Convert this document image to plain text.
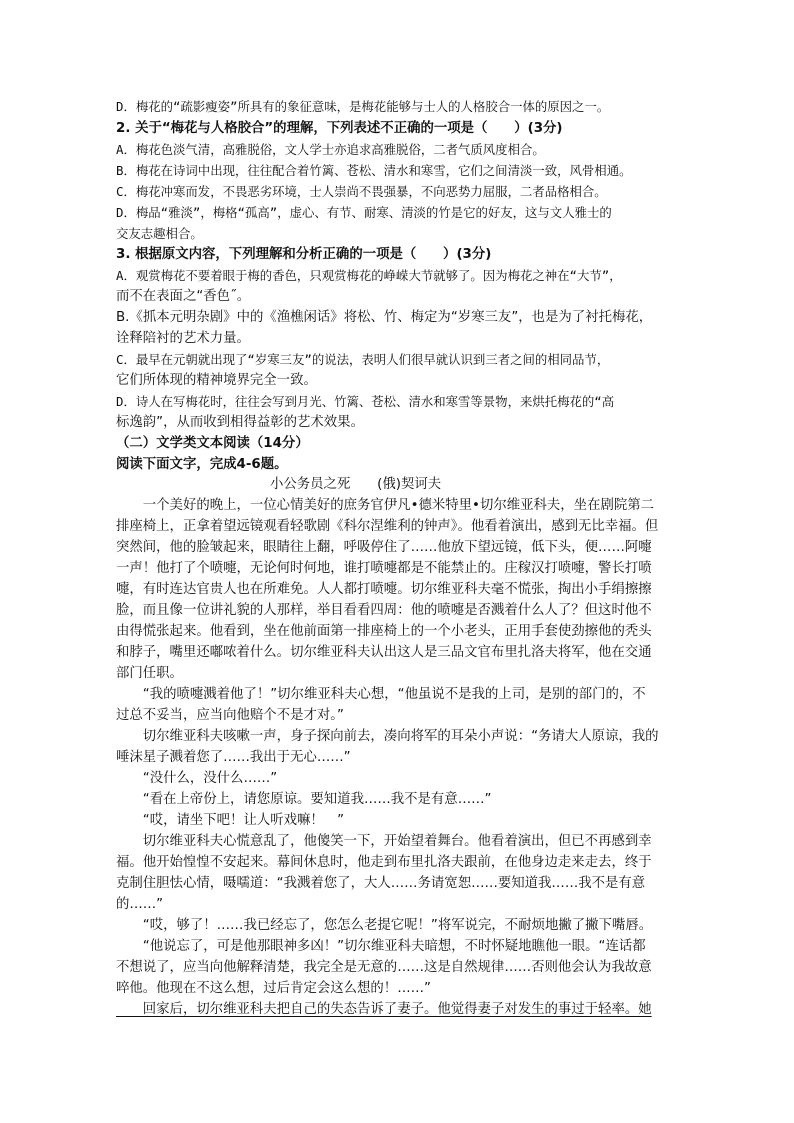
D．梅花的“疏影瘦姿”所具有的象征意味，是梅花能够与士人的人格胶合一体的原因之一。
2. 关于“梅花与人格胶合”的理解，下列表述不正确的一项是（　　）(3分)
A．梅花色淡气清，高雅脱俗，文人学士亦追求高雅脱俗，二者气质风度相合。
B．梅花在诗词中出现，往往配合着竹篱、苍松、清水和寒雪，它们之间清淡一致，风骨相通。
C．梅花冲寒而发，不畏恶劣环境，士人崇尚不畏强暴，不向恶势力屈服，二者品格相合。
D．梅品“雅淡”，梅格“孤高”，虚心、有节、耐寒、清淡的竹是它的好友，这与文人雅士的
交友志趣相合。
3. 根据原文内容，下列理解和分析正确的一项是（　　）(3分)
A．观赏梅花不要着眼于梅的香色，只观赏梅花的峥嵘大节就够了。因为梅花之神在“大节”，
而不在表面之“香色˝。
B.《抓本元明杂剧》中的《渔樵闲话》将松、竹、梅定为“岁寒三友”，也是为了衬托梅花，
诠释陪衬的艺术力量。
C．最早在元朝就出现了“岁寒三友”的说法，表明人们很早就认识到三者之间的相同品节，
它们所体现的精神境界完全一致。
D．诗人在写梅花时，往往会写到月光、竹篱、苍松、清水和寒雪等景物，来烘托梅花的“高
标逸韵”，从而收到相得益彰的艺术效果。
（二）文学类文本阅读（14分）
阅读下面文字，完成4-6题。
小公务员之死　　(俄)契诃夫
　　一个美好的晚上，一位心情美好的庶务官伊凡•德米特里•切尔维亚科夫，坐在剧院第二
排座椅上，正拿着望远镜观看轻歌剧《科尔涅维利的钟声》。他看着演出，感到无比幸福。但
突然间，他的脸皱起来，眼睛往上翻，呼吸停住了……他放下望远镜，低下头，便……阿嚏
一声！他打了个喷嚏，无论何时何地，谁打喷嚏都是不能禁止的。庄稼汉打喷嚏，警长打喷
嚏，有时连达官贵人也在所难免。人人都打喷嚏。切尔维亚科夫毫不慌张，掏出小手绢擦擦
脸，而且像一位讲礼貌的人那样，举目看看四周：他的喷嚏是否溅着什么人了？但这时他不
由得慌张起来。他看到，坐在他前面第一排座椅上的一个小老头，正用手套使劲擦他的秃头
和脖子，嘴里还嘟哝着什么。切尔维亚科夫认出这人是三品文官布里扎洛夫将军，他在交通
部门任职。
　　“我的喷嚏溅着他了！”切尔维亚科夫心想，“他虽说不是我的上司，是别的部门的，不
过总不妥当，应当向他赔个不是才对。”
　　切尔维亚科夫咳嗽一声，身子探向前去，凑向将军的耳朵小声说：“务请大人原谅，我的
唾沫星子溅着您了……我出于无心……”
　　“没什么，没什么……”
　　“看在上帝份上，请您原谅。要知道我……我不是有意……”
　　“哎，请坐下吧！让人听戏嘛！　”
　　切尔维亚科夫心慌意乱了，他傻笑一下，开始望着舞台。他看着演出，但已不再感到幸
福。他开始惶惶不安起来。幕间休息时，他走到布里扎洛夫跟前，在他身边走来走去，终于
克制住胆怯心情，嗫嚅道：“我溅着您了，大人……务请宽恕……要知道我……我不是有意
的……”
　　“哎，够了！……我已经忘了，您怎么老提它呢！”将军说完，不耐烦地撇了撇下嘴唇。
　　“他说忘了，可是他那眼神多凶！”切尔维亚科夫暗想，不时怀疑地瞧他一眼。“连话都
不想说了，应当向他解释清楚，我完全是无意的……这是自然规律……否则他会认为我故意
啐他。他现在不这么想，过后肯定会这么想的！……”
　　回家后，切尔维亚科夫把自己的失态告诉了妻子。他觉得妻子对发生的事过于轻率。她
